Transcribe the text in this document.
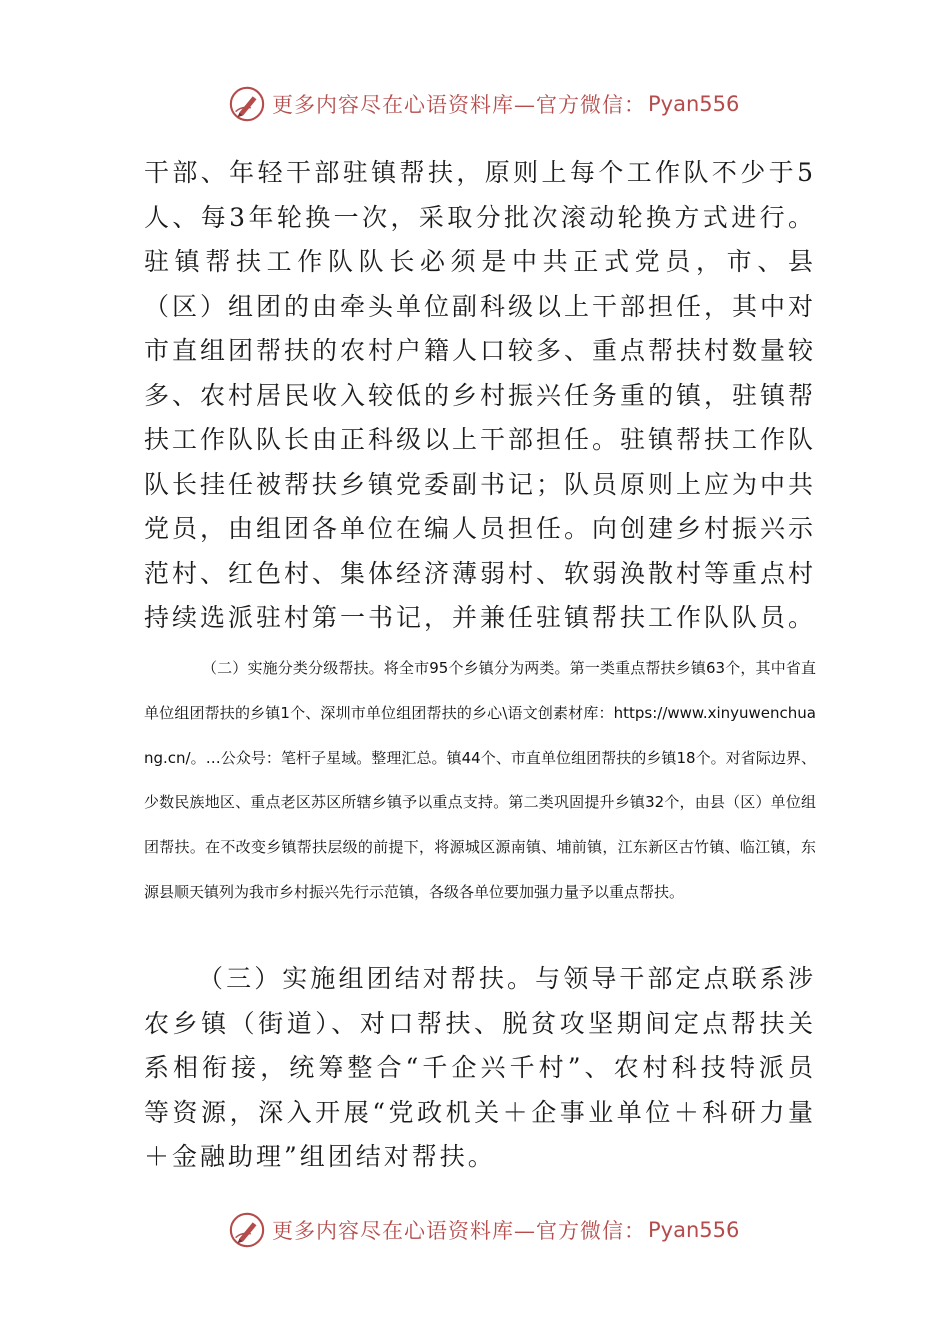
更多内容尽在心语资料库—官方微信： Pyan556

干部、年轻干部驻镇帮扶，原则上每个工作队不少于5人、每3年轮换一次，采取分批次滚动轮换方式进行。驻镇帮扶工作队队长必须是中共正式党员，市、县（区）组团的由牵头单位副科级以上干部担任，其中对市直组团帮扶的农村户籍人口较多、重点帮扶村数量较多、农村居民收入较低的乡村振兴任务重的镇，驻镇帮扶工作队队长由正科级以上干部担任。驻镇帮扶工作队队长挂任被帮扶乡镇党委副书记；队员原则上应为中共党员，由组团各单位在编人员担任。向创建乡村振兴示范村、红色村、集体经济薄弱村、软弱涣散村等重点村持续选派驻村第一书记，并兼任驻镇帮扶工作队队员。

（二）实施分类分级帮扶。将全市95个乡镇分为两类。第一类重点帮扶乡镇63个，其中省直单位组团帮扶的乡镇1个、深圳市单位组团帮扶的乡心\语文创素材库：https://www.xinyuwenchuang.cn/。…公众号：笔杆子星域。整理汇总。镇44个、市直单位组团帮扶的乡镇18个。对省际边界、少数民族地区、重点老区苏区所辖乡镇予以重点支持。第二类巩固提升乡镇32个，由县（区）单位组团帮扶。在不改变乡镇帮扶层级的前提下，将源城区源南镇、埔前镇，江东新区古竹镇、临江镇，东源县顺天镇列为我市乡村振兴先行示范镇，各级各单位要加强力量予以重点帮扶。

（三）实施组团结对帮扶。与领导干部定点联系涉农乡镇（街道）、对口帮扶、脱贫攻坚期间定点帮扶关系相衔接，统筹整合“千企兴千村”、农村科技特派员等资源，深入开展“党政机关＋企事业单位＋科研力量＋金融助理”组团结对帮扶。

更多内容尽在心语资料库—官方微信： Pyan556
